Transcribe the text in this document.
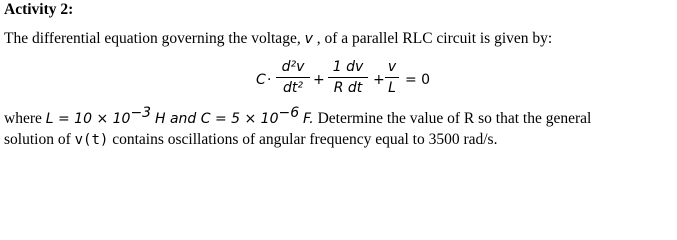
Activity 2:
The differential equation governing the voltage, v , of a parallel RLC circuit is given by:
C ·
d²v
dt² +
1 dv
R dt +
v
L = 0
where $L = 10 \times 10^{-3}$ H and $C = 5 \times 10^{-6}$ F. Determine the value of R so that the general
solution of v(t) contains oscillations of angular frequency equal to 3500 rad/s.
